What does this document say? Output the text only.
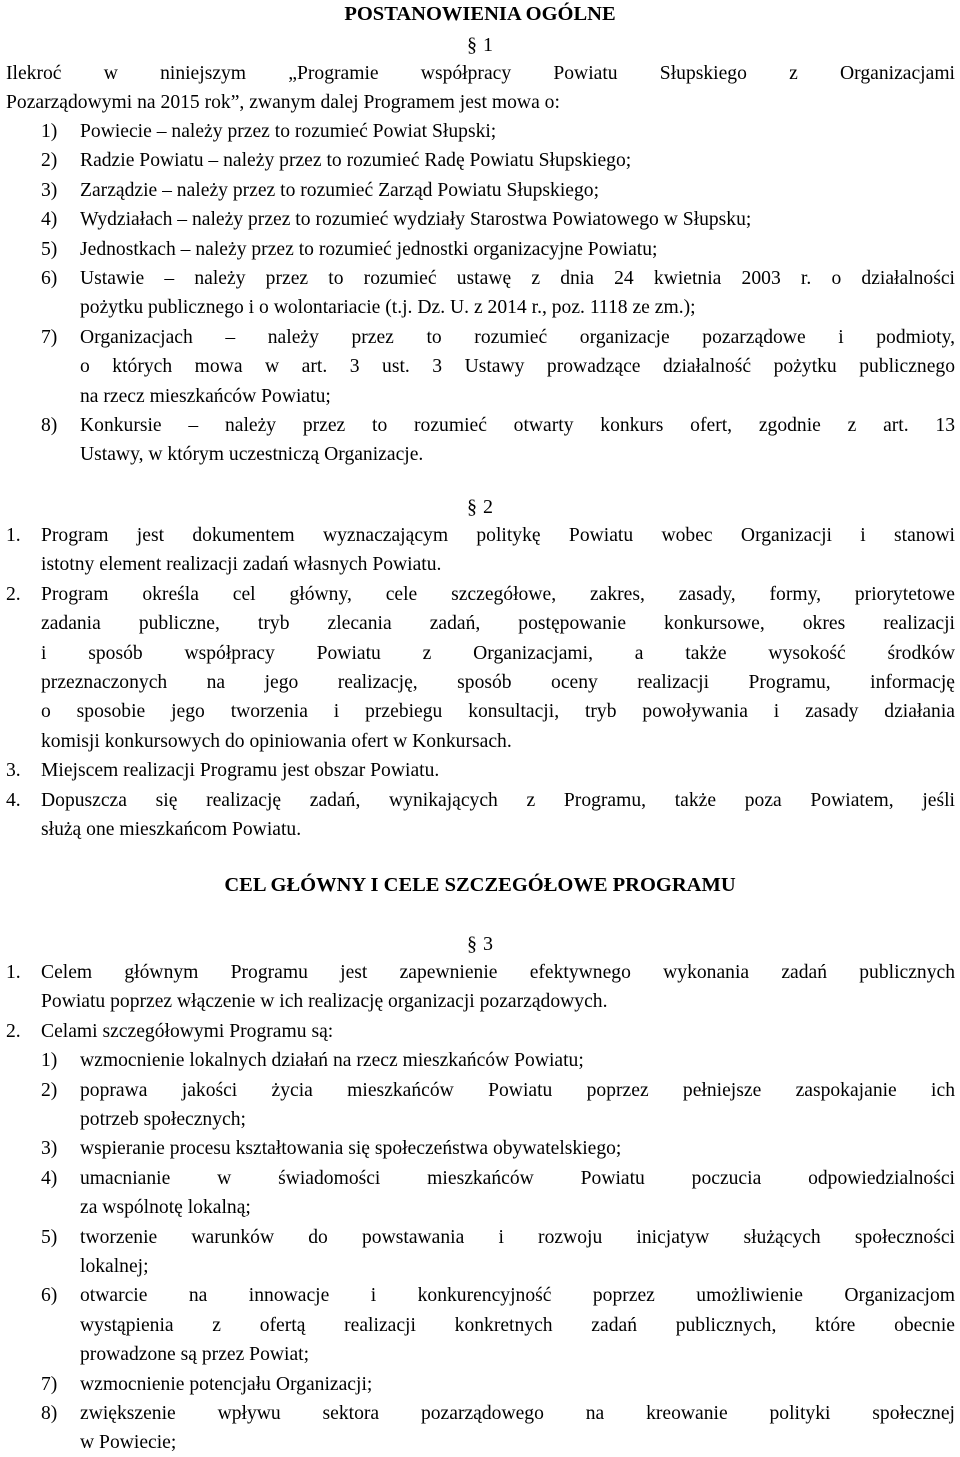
POSTANOWIENIA OGÓLNE
§ 1
Ilekroć w niniejszym „Programie współpracy Powiatu Słupskiego z Organizacjami
Pozarządowymi na 2015 rok”, zwanym dalej Programem jest mowa o:
1) Powiecie – należy przez to rozumieć Powiat Słupski;
2) Radzie Powiatu – należy przez to rozumieć Radę Powiatu Słupskiego;
3) Zarządzie – należy przez to rozumieć Zarząd Powiatu Słupskiego;
4) Wydziałach – należy przez to rozumieć wydziały Starostwa Powiatowego w Słupsku;
5) Jednostkach – należy przez to rozumieć jednostki organizacyjne Powiatu;
6) Ustawie – należy przez to rozumieć ustawę z dnia 24 kwietnia 2003 r. o działalności
pożytku publicznego i o wolontariacie (t.j. Dz. U. z 2014 r., poz. 1118 ze zm.);
7) Organizacjach – należy przez to rozumieć organizacje pozarządowe i podmioty,
o których mowa w art. 3 ust. 3 Ustawy prowadzące działalność pożytku publicznego
na rzecz mieszkańców Powiatu;
8) Konkursie – należy przez to rozumieć otwarty konkurs ofert, zgodnie z art. 13
Ustawy, w którym uczestniczą Organizacje.
§ 2
1. Program jest dokumentem wyznaczającym politykę Powiatu wobec Organizacji i stanowi
istotny element realizacji zadań własnych Powiatu.
2. Program określa cel główny, cele szczegółowe, zakres, zasady, formy, priorytetowe
zadania publiczne, tryb zlecania zadań, postępowanie konkursowe, okres realizacji
i sposób współpracy Powiatu z Organizacjami, a także wysokość środków
przeznaczonych na jego realizację, sposób oceny realizacji Programu, informację
o sposobie jego tworzenia i przebiegu konsultacji, tryb powoływania i zasady działania
komisji konkursowych do opiniowania ofert w Konkursach.
3. Miejscem realizacji Programu jest obszar Powiatu.
4. Dopuszcza się realizację zadań, wynikających z Programu, także poza Powiatem, jeśli
służą one mieszkańcom Powiatu.
CEL GŁÓWNY I CELE SZCZEGÓŁOWE PROGRAMU
§ 3
1. Celem głównym Programu jest zapewnienie efektywnego wykonania zadań publicznych
Powiatu poprzez włączenie w ich realizację organizacji pozarządowych.
2. Celami szczegółowymi Programu są:
1) wzmocnienie lokalnych działań na rzecz mieszkańców Powiatu;
2) poprawa jakości życia mieszkańców Powiatu poprzez pełniejsze zaspokajanie ich
potrzeb społecznych;
3) wspieranie procesu kształtowania się społeczeństwa obywatelskiego;
4) umacnianie w świadomości mieszkańców Powiatu poczucia odpowiedzialności
za wspólnotę lokalną;
5) tworzenie warunków do powstawania i rozwoju inicjatyw służących społeczności
lokalnej;
6) otwarcie na innowacje i konkurencyjność poprzez umożliwienie Organizacjom
wystąpienia z ofertą realizacji konkretnych zadań publicznych, które obecnie
prowadzone są przez Powiat;
7) wzmocnienie potencjału Organizacji;
8) zwiększenie wpływu sektora pozarządowego na kreowanie polityki społecznej
w Powiecie;
